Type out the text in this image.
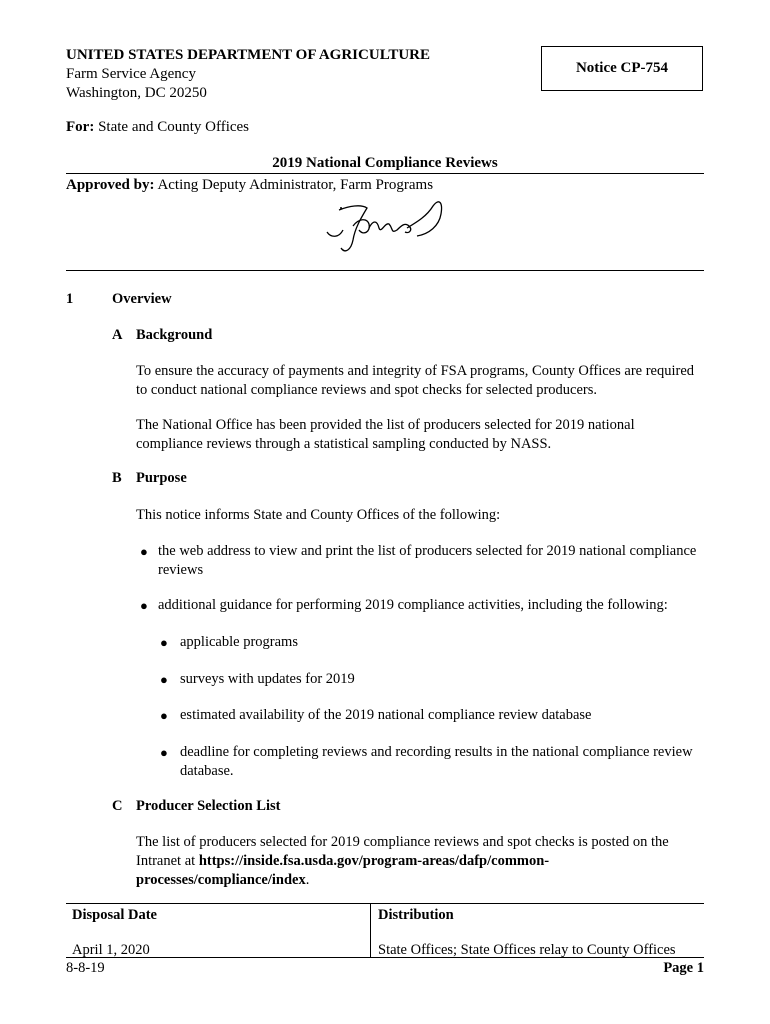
UNITED STATES DEPARTMENT OF AGRICULTURE
Farm Service Agency
Washington, DC 20250
Notice CP-754
For: State and County Offices
2019 National Compliance Reviews
Approved by: Acting Deputy Administrator, Farm Programs
1	Overview
A Background
To ensure the accuracy of payments and integrity of FSA programs, County Offices are required to conduct national compliance reviews and spot checks for selected producers.
The National Office has been provided the list of producers selected for 2019 national compliance reviews through a statistical sampling conducted by NASS.
B Purpose
This notice informs State and County Offices of the following:
● the web address to view and print the list of producers selected for 2019 national compliance reviews
● additional guidance for performing 2019 compliance activities, including the following:
● applicable programs
● surveys with updates for 2019
● estimated availability of the 2019 national compliance review database
● deadline for completing reviews and recording results in the national compliance review database.
C Producer Selection List
The list of producers selected for 2019 compliance reviews and spot checks is posted on the Intranet at https://inside.fsa.usda.gov/program-areas/dafp/common-processes/compliance/index.
Disposal Date
April 1, 2020
Distribution
State Offices; State Offices relay to County Offices
8-8-19	Page 1
